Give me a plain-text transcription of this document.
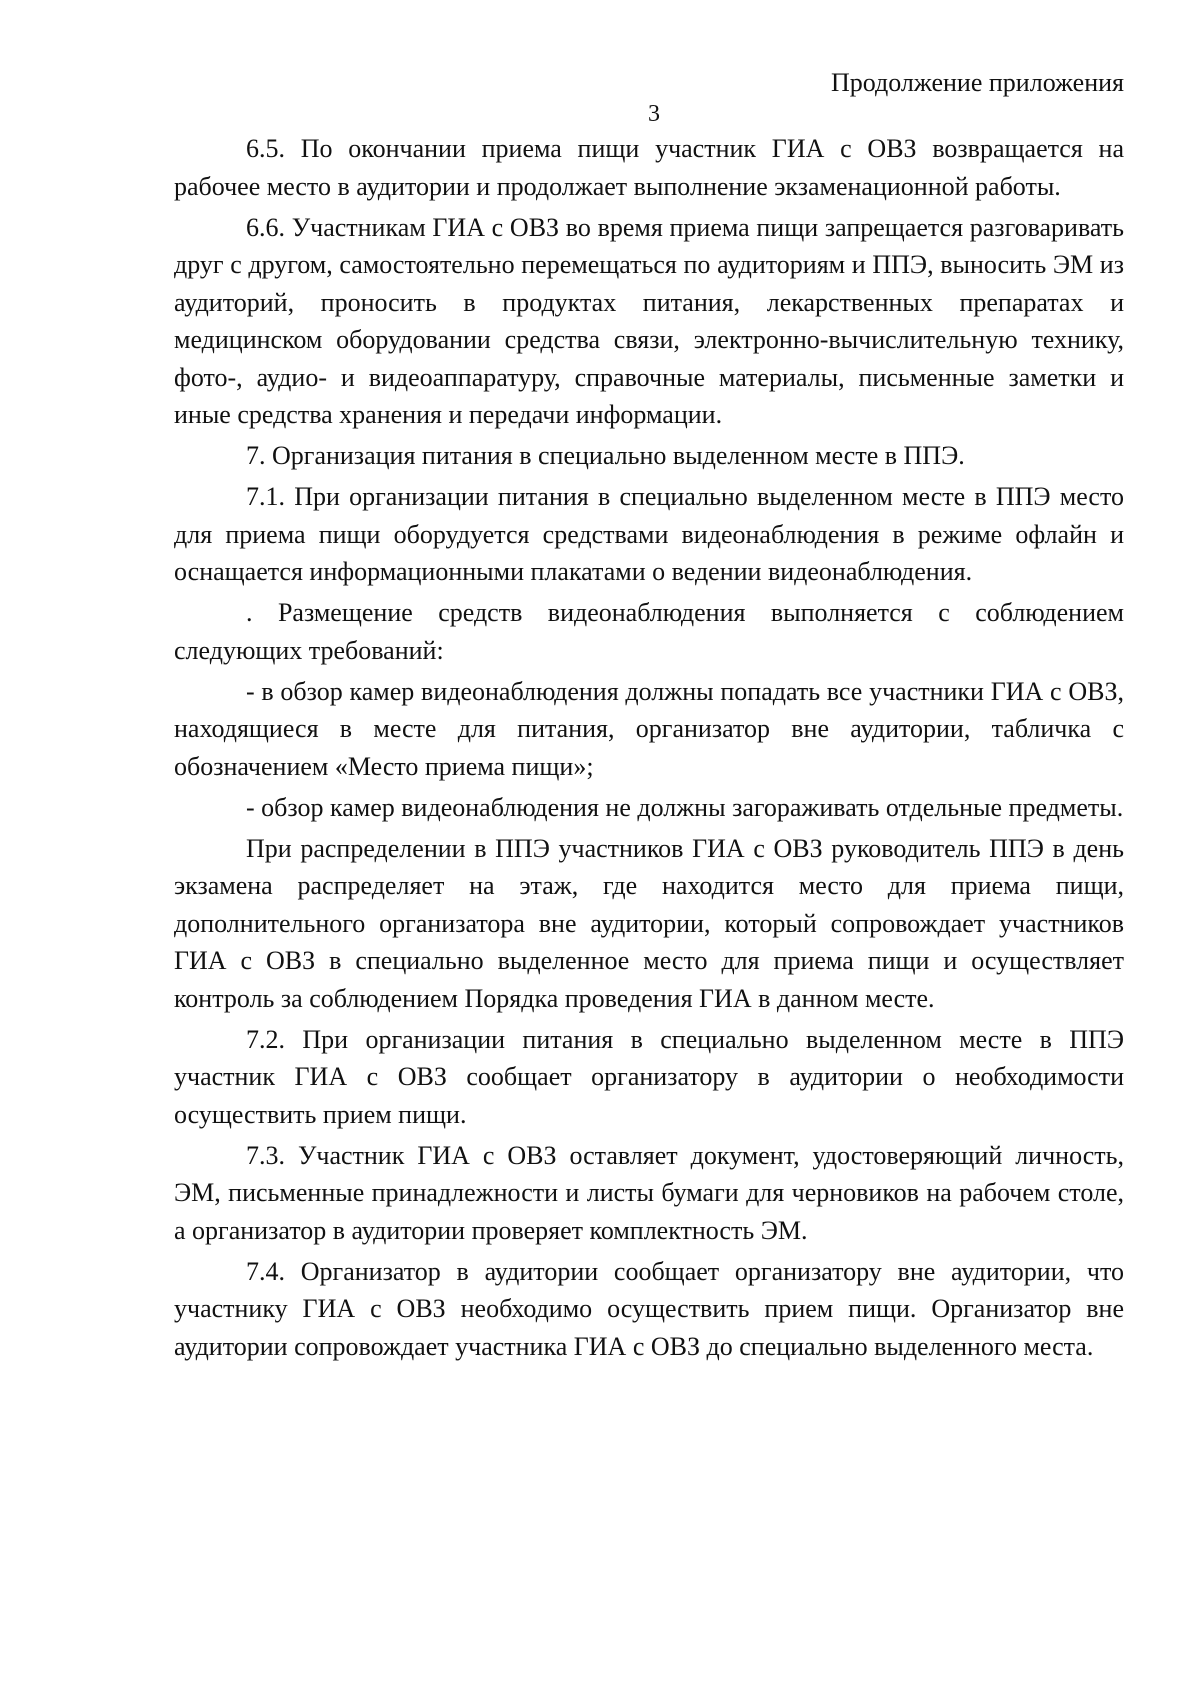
Продолжение приложения

3

6.5. По окончании приема пищи участник ГИА с ОВЗ возвращается на рабочее место в аудитории и продолжает выполнение экзаменационной работы.

6.6. Участникам ГИА с ОВЗ во время приема пищи запрещается разговаривать друг с другом, самостоятельно перемещаться по аудиториям и ППЭ, выносить ЭМ из аудиторий, проносить в продуктах питания, лекарственных препаратах и медицинском оборудовании средства связи, электронно-вычислительную технику, фото-, аудио- и видеоаппаратуру, справочные материалы, письменные заметки и иные средства хранения и передачи информации.

7. Организация питания в специально выделенном месте в ППЭ.

7.1. При организации питания в специально выделенном месте в ППЭ место для приема пищи оборудуется средствами видеонаблюдения в режиме офлайн и оснащается информационными плакатами о ведении видеонаблюдения.

. Размещение средств видеонаблюдения выполняется с соблюдением следующих требований:

- в обзор камер видеонаблюдения должны попадать все участники ГИА с ОВЗ, находящиеся в месте для питания, организатор вне аудитории, табличка с обозначением «Место приема пищи»;

- обзор камер видеонаблюдения не должны загораживать отдельные предметы.

При распределении в ППЭ участников ГИА с ОВЗ руководитель ППЭ в день экзамена распределяет на этаж, где находится место для приема пищи, дополнительного организатора вне аудитории, который сопровождает участников ГИА с ОВЗ в специально выделенное место для приема пищи и осуществляет контроль за соблюдением Порядка проведения ГИА в данном месте.

7.2. При организации питания в специально выделенном месте в ППЭ участник ГИА с ОВЗ сообщает организатору в аудитории о необходимости осуществить прием пищи.

7.3. Участник ГИА с ОВЗ оставляет документ, удостоверяющий личность, ЭМ, письменные принадлежности и листы бумаги для черновиков на рабочем столе, а организатор в аудитории проверяет комплектность ЭМ.

7.4. Организатор в аудитории сообщает организатору вне аудитории, что участнику ГИА с ОВЗ необходимо осуществить прием пищи. Организатор вне аудитории сопровождает участника ГИА с ОВЗ до специально выделенного места.
